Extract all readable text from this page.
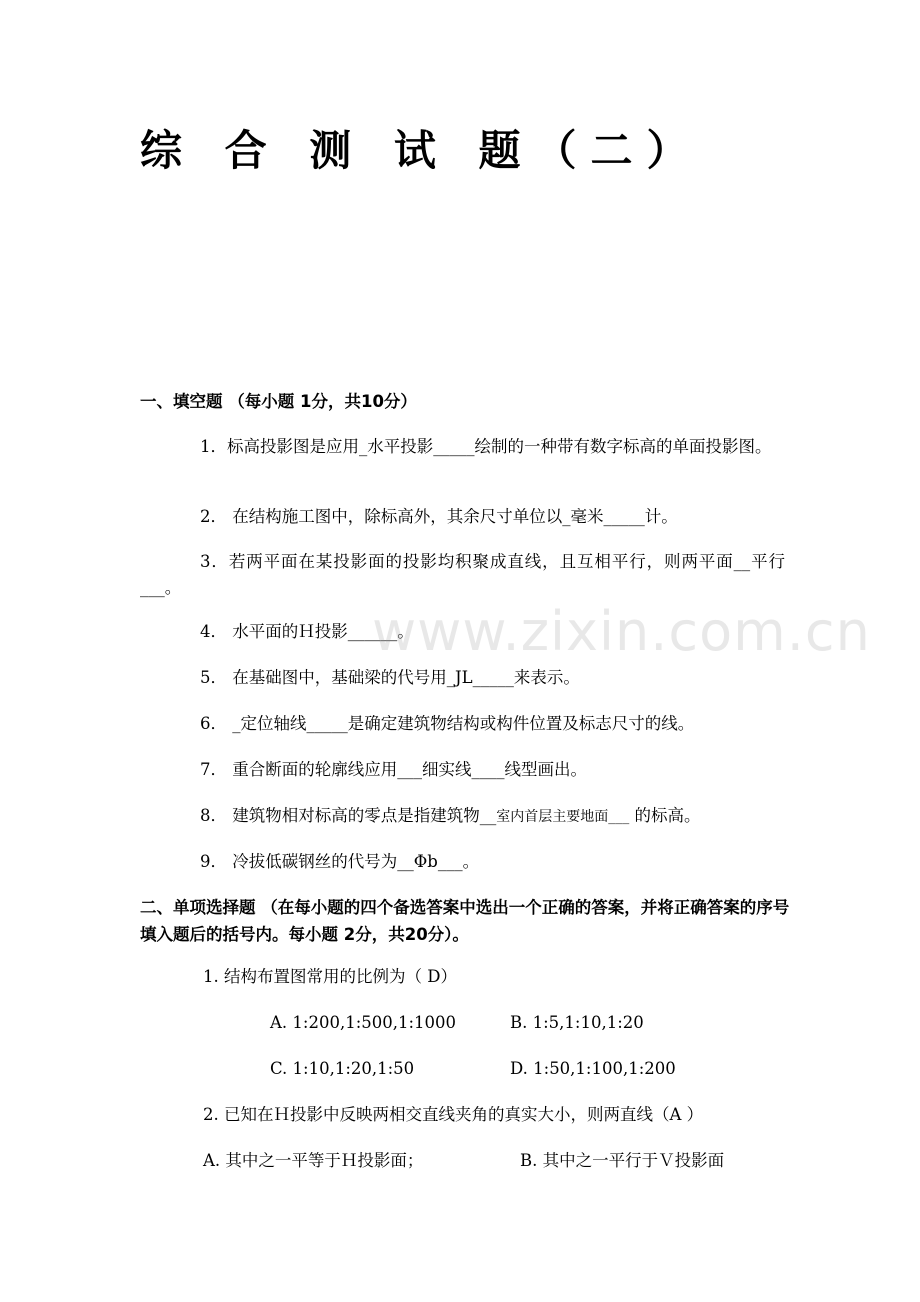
综 合 测 试 题（二）
一、填空题 （每小题 1分，共10分）
1．标高投影图是应用_水平投影_____绘制的一种带有数字标高的单面投影图。
2． 在结构施工图中，除标高外，其余尺寸单位以_毫米_____计。
3．若两平面在某投影面的投影均积聚成直线，且互相平行，则两平面__平行___。
4． 水平面的Ｈ投影______。
5． 在基础图中，基础梁的代号用_JL_____来表示。
6． _定位轴线_____是确定建筑物结构或构件位置及标志尺寸的线。
7． 重合断面的轮廓线应用___细实线____线型画出。
8． 建筑物相对标高的零点是指建筑物__室内首层主要地面___ 的标高。
9． 冷拔低碳钢丝的代号为__Φb___。
二、单项选择题 （在每小题的四个备选答案中选出一个正确的答案，并将正确答案的序号填入题后的括号内。每小题 2分，共20分）。
1. 结构布置图常用的比例为（ D）
A. 1:200,1:500,1:1000	B. 1:5,1:10,1:20
C. 1:10,1:20,1:50	D. 1:50,1:100,1:200
2. 已知在Ｈ投影中反映两相交直线夹角的真实大小，则两直线（A ）
A. 其中之一平等于Ｈ投影面；	B. 其中之一平行于Ｖ投影面
www.zixin.com.cn
